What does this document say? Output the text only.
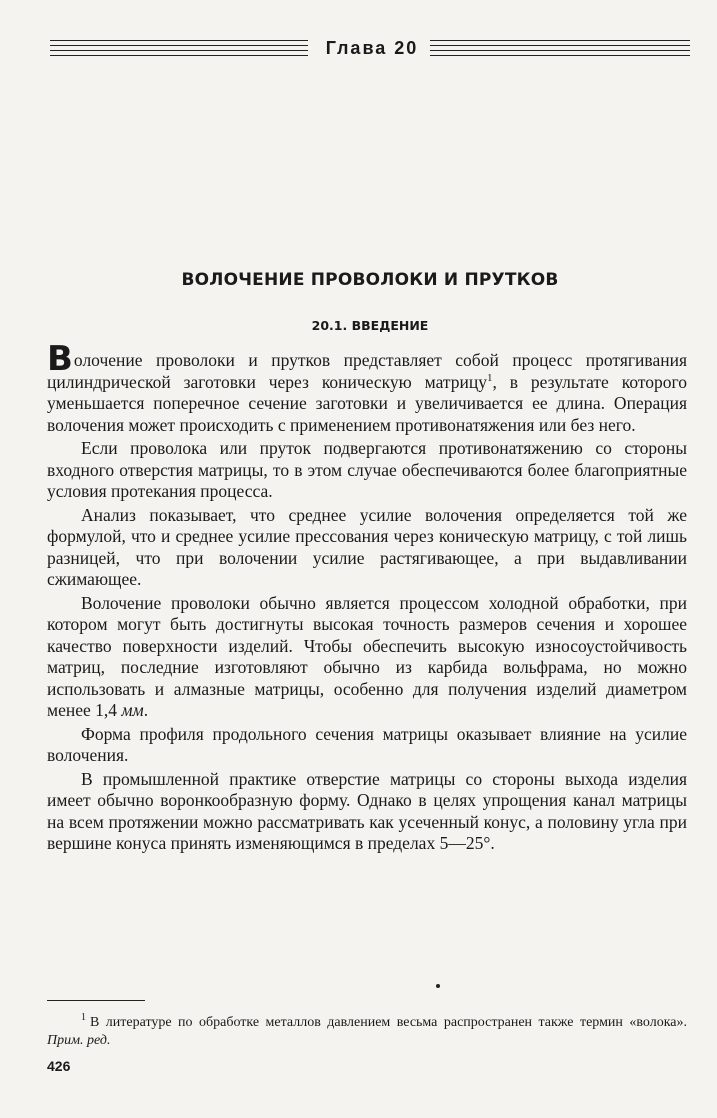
Глава 20
ВОЛОЧЕНИЕ ПРОВОЛОКИ И ПРУТКОВ
20.1. ВВЕДЕНИЕ

Волочение проволоки и прутков представляет собой процесс протягивания цилиндрической заготовки через коническую матрицу$^1$, в результате которого уменьшается поперечное сечение заготовки и увеличивается ее длина. Операция волочения может происходить с применением противонатяжения или без него.

Если проволока или пруток подвергаются противонатяжению со стороны входного отверстия матрицы, то в этом случае обеспечиваются более благоприятные условия протекания процесса.

Анализ показывает, что среднее усилие волочения определяется той же формулой, что и среднее усилие прессования через коническую матрицу, с той лишь разницей, что при волочении усилие растягивающее, а при выдавливании сжимающее.

Волочение проволоки обычно является процессом холодной обработки, при котором могут быть достигнуты высокая точность размеров сечения и хорошее качество поверхности изделий. Чтобы обеспечить высокую износоустойчивость матриц, последние изготовляют обычно из карбида вольфрама, но можно использовать и алмазные матрицы, особенно для получения изделий диаметром менее 1,4 мм.

Форма профиля продольного сечения матрицы оказывает влияние на усилие волочения.

В промышленной практике отверстие матрицы со стороны выхода изделия имеет обычно воронкообразную форму. Однако в целях упрощения канал матрицы на всем протяжении можно рассматривать как усеченный конус, а половину угла при вершине конуса принять изменяющимся в пределах 5—25°.

$^1$ В литературе по обработке металлов давлением весьма распространен также термин «волока». Прим. ред.
426
